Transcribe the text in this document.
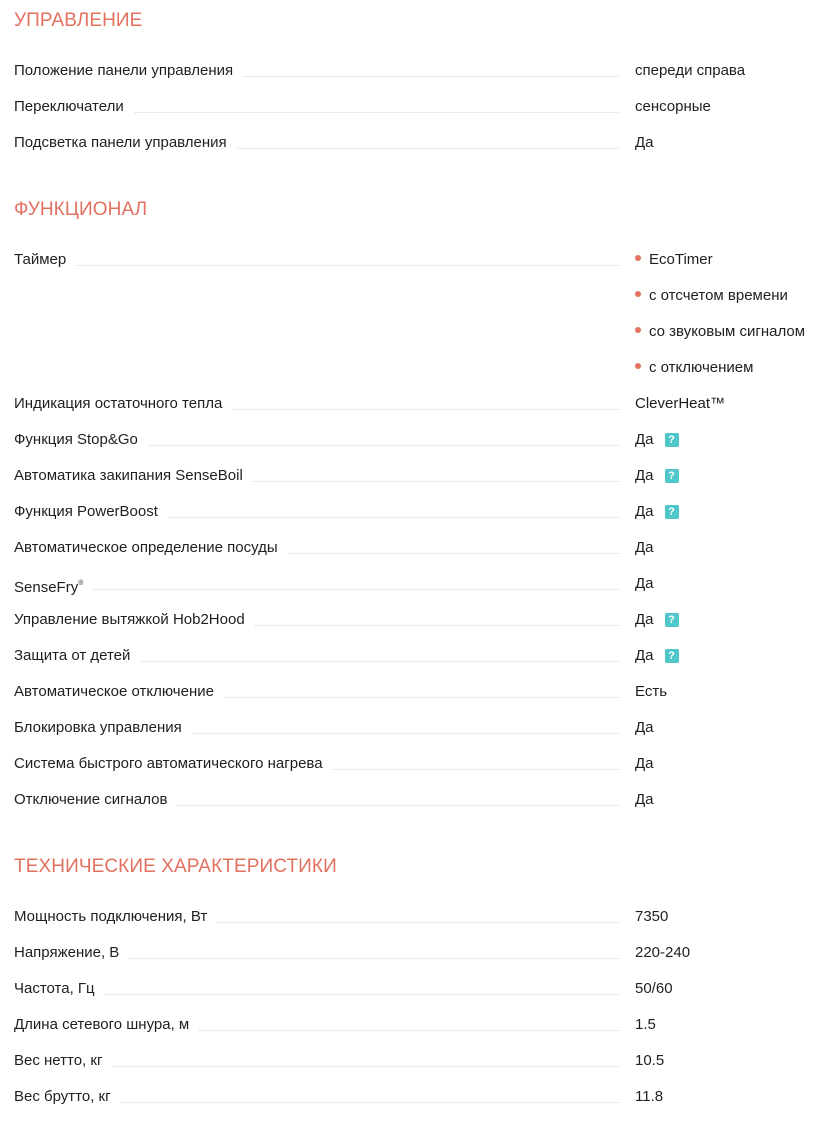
УПРАВЛЕНИЕ
Положение панели управления	спереди справа
Переключатели	сенсорные
Подсветка панели управления	Да
ФУНКЦИОНАЛ
Таймер	EcoTimer
с отсчетом времени
со звуковым сигналом
с отключением
Индикация остаточного тепла	CleverHeat™
Функция Stop&Go	Да ?
Автоматика закипания SenseBoil	Да ?
Функция PowerBoost	Да ?
Автоматическое определение посуды	Да
SenseFry®	Да
Управление вытяжкой Hob2Hood	Да ?
Защита от детей	Да ?
Автоматическое отключение	Есть
Блокировка управления	Да
Система быстрого автоматического нагрева	Да
Отключение сигналов	Да
ТЕХНИЧЕСКИЕ ХАРАКТЕРИСТИКИ
Мощность подключения, Вт	7350
Напряжение, В	220-240
Частота, Гц	50/60
Длина сетевого шнура, м	1.5
Вес нетто, кг	10.5
Вес брутто, кг	11.8
